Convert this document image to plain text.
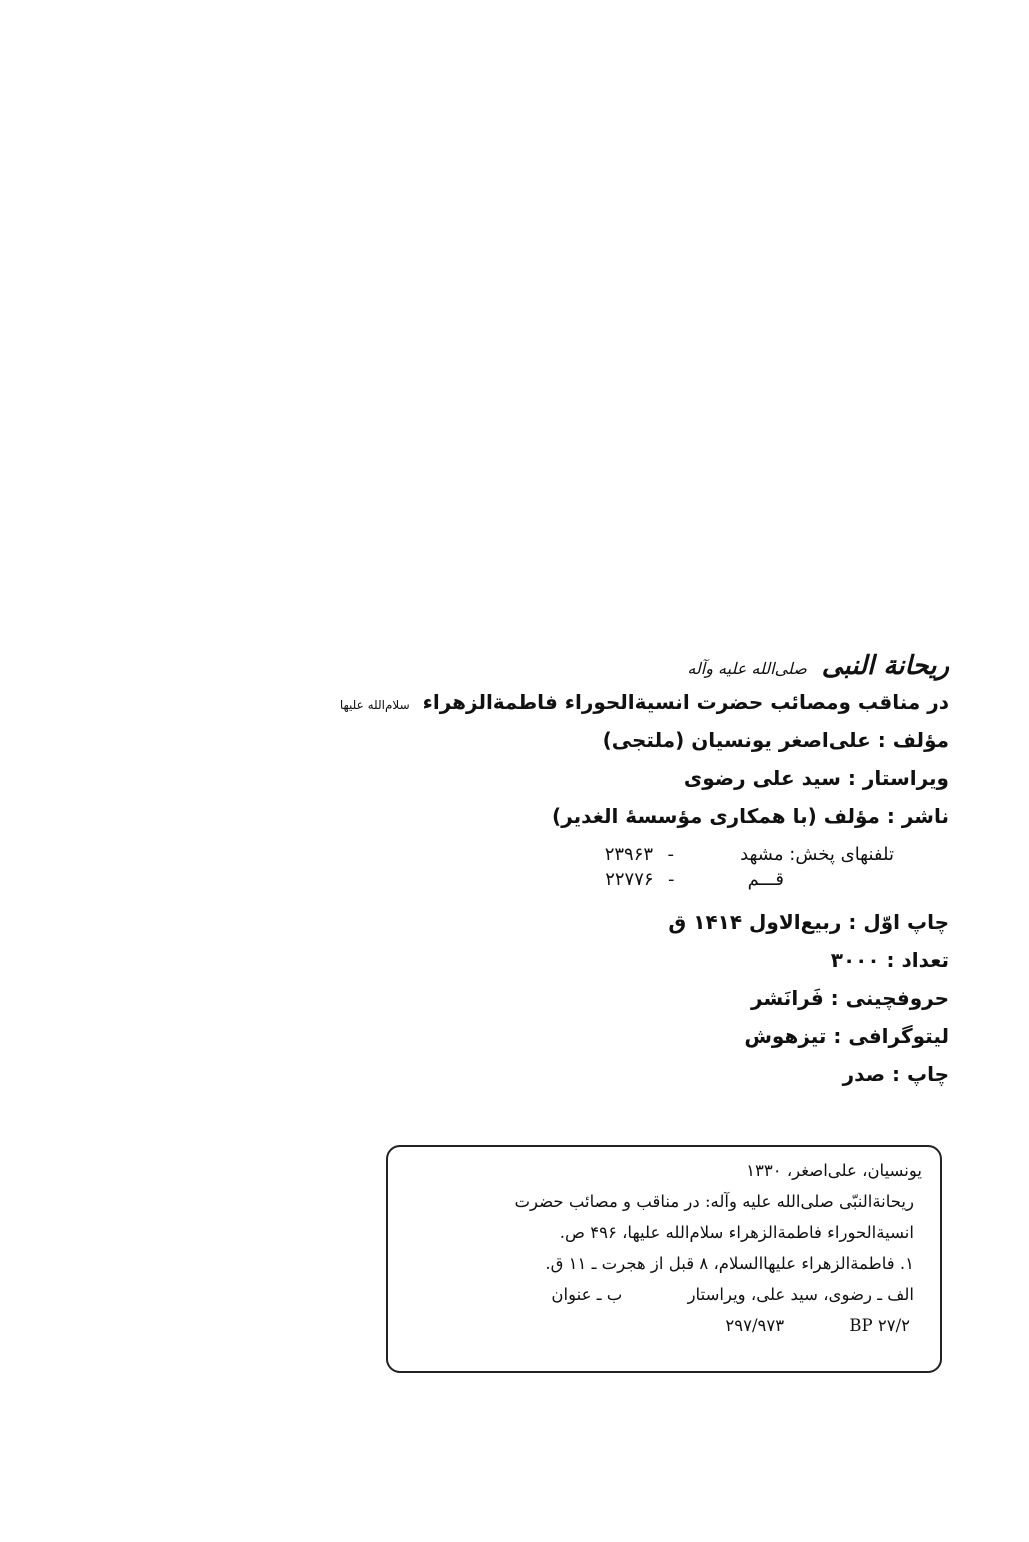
ریحانة النبی صلی‌الله علیه وآله
در مناقب ومصائب حضرت انسیة‌الحوراء فاطمة‌الزهراء سلام‌الله علیها
مؤلف : علی‌اصغر یونسیان (ملتجی)
ویراستار : سید علی رضوی
ناشر : مؤلف (با همکاری مؤسسهٔ الغدیر)
تلفنهای پخش: مشهد - ۲۳۹۶۳
قـــم - ۲۲۷۷۶
چاپ اوّل : ربیع‌الاول ۱۴۱۴ ق
تعداد : ۳۰۰۰
حروفچینی : فَرانَشر
لیتوگرافی : تیزهوش
چاپ : صدر
یونسیان، علی‌اصغر، ۱۳۳۰
ریحانة‌النبّی صلی‌الله علیه وآله: در مناقب و مصائب حضرت
انسیة‌الحوراء فاطمة‌الزهراء سلام‌الله علیها، ۴۹۶ ص.
۱. فاطمة‌الزهراء علیهاالسلام، ۸ قبل از هجرت ـ ۱۱ ق.
الف ـ رضوی، سید علی، ویراستار ب ـ عنوان
۲۹۷/۹۷۳	BP ۲۷/۲
